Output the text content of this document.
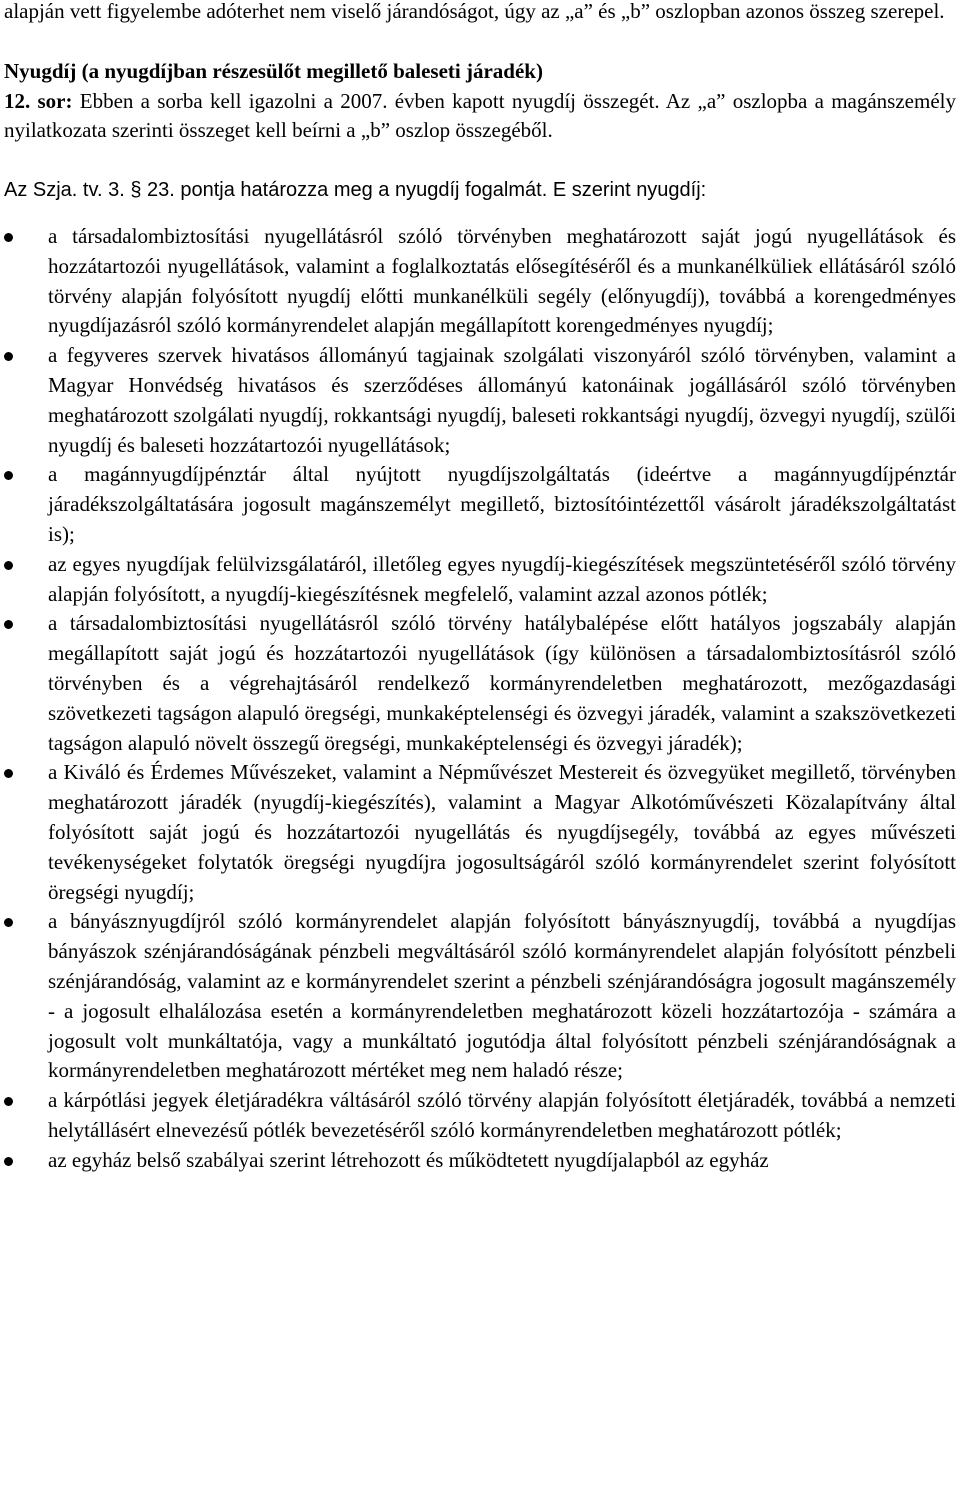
alapján vett figyelembe adóterhet nem viselő járandóságot, úgy az „a” és „b” oszlopban azonos összeg szerepel.

Nyugdíj (a nyugdíjban részesülőt megillető baleseti járadék)

12. sor: Ebben a sorba kell igazolni a 2007. évben kapott nyugdíj összegét. Az „a” oszlopba a magánszemély nyilatkozata szerinti összeget kell beírni a „b” oszlop összegéből.

Az Szja. tv. 3. § 23. pontja határozza meg a nyugdíj fogalmát. E szerint nyugdíj:

a társadalombiztosítási nyugellátásról szóló törvényben meghatározott saját jogú nyugellátások és hozzátartozói nyugellátások, valamint a foglalkoztatás elősegítéséről és a munkanélküliek ellátásáról szóló törvény alapján folyósított nyugdíj előtti munkanélküli segély (előnyugdíj), továbbá a korengedményes nyugdíjazásról szóló kormányrendelet alapján megállapított korengedményes nyugdíj;
a fegyveres szervek hivatásos állományú tagjainak szolgálati viszonyáról szóló törvényben, valamint a Magyar Honvédség hivatásos és szerződéses állományú katonáinak jogállásáról szóló törvényben meghatározott szolgálati nyugdíj, rokkantsági nyugdíj, baleseti rokkantsági nyugdíj, özvegyi nyugdíj, szülői nyugdíj és baleseti hozzátartozói nyugellátások;
a magánnyugdíjpénztár által nyújtott nyugdíjszolgáltatás (ideértve a magánnyugdíjpénztár járadékszolgáltatására jogosult magánszemélyt megillető, biztosítóintézettől vásárolt járadékszolgáltatást is);
az egyes nyugdíjak felülvizsgálatáról, illetőleg egyes nyugdíj-kiegészítések megszüntetéséről szóló törvény alapján folyósított, a nyugdíj-kiegészítésnek megfelelő, valamint azzal azonos pótlék;
a társadalombiztosítási nyugellátásról szóló törvény hatálybalépése előtt hatályos jogszabály alapján megállapított saját jogú és hozzátartozói nyugellátások (így különösen a társadalombiztosításról szóló törvényben és a végrehajtásáról rendelkező kormányrendeletben meghatározott, mezőgazdasági szövetkezeti tagságon alapuló öregségi, munkaképtelenségi és özvegyi járadék, valamint a szakszövetkezeti tagságon alapuló növelt összegű öregségi, munkaképtelenségi és özvegyi járadék);
a Kiváló és Érdemes Művészeket, valamint a Népművészet Mestereit és özvegyüket megillető, törvényben meghatározott járadék (nyugdíj-kiegészítés), valamint a Magyar Alkotóművészeti Közalapítvány által folyósított saját jogú és hozzátartozói nyugellátás és nyugdíjsegély, továbbá az egyes művészeti tevékenységeket folytatók öregségi nyugdíjra jogosultságáról szóló kormányrendelet szerint folyósított öregségi nyugdíj;
a bányásznyugdíjról szóló kormányrendelet alapján folyósított bányásznyugdíj, továbbá a nyugdíjas bányászok szénjárandóságának pénzbeli megváltásáról szóló kormányrendelet alapján folyósított pénzbeli szénjárandóság, valamint az e kormányrendelet szerint a pénzbeli szénjárandóságra jogosult magánszemély - a jogosult elhalálozása esetén a kormányrendeletben meghatározott közeli hozzátartozója - számára a jogosult volt munkáltatója, vagy a munkáltató jogutódja által folyósított pénzbeli szénjárandóságnak a kormányrendeletben meghatározott mértéket meg nem haladó része;
a kárpótlási jegyek életjáradékra váltásáról szóló törvény alapján folyósított életjáradék, továbbá a nemzeti helytállásért elnevezésű pótlék bevezetéséről szóló kormányrendeletben meghatározott pótlék;
az egyház belső szabályai szerint létrehozott és működtetett nyugdíjalapból az egyház
